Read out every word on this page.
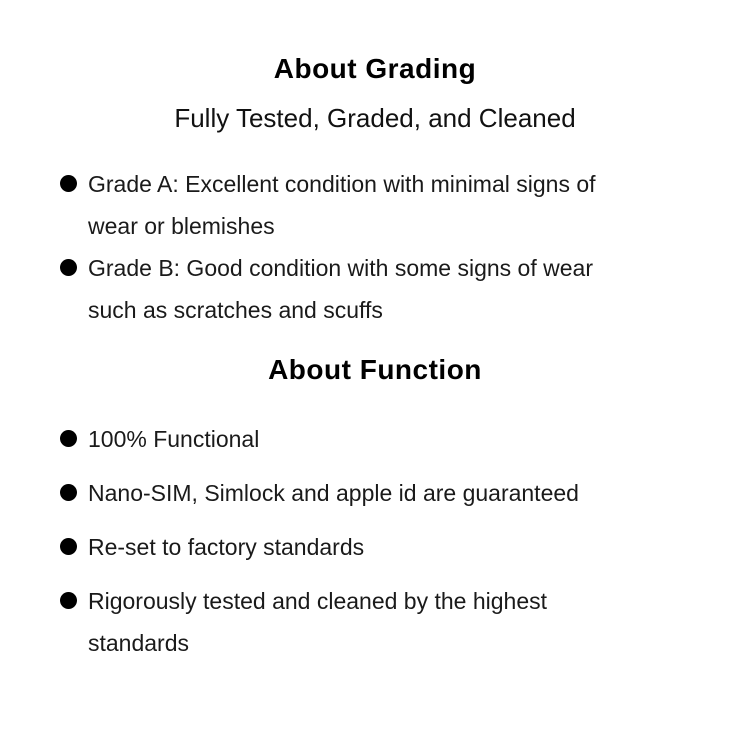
About Grading

Fully Tested, Graded, and Cleaned

Grade A: Excellent condition with minimal signs of
wear or blemishes
Grade B: Good condition with some signs of wear
such as scratches and scuffs
About Function
100% Functional
Nano-SIM, Simlock and apple id are guaranteed
Re-set to factory standards
Rigorously tested and cleaned by the highest
standards
